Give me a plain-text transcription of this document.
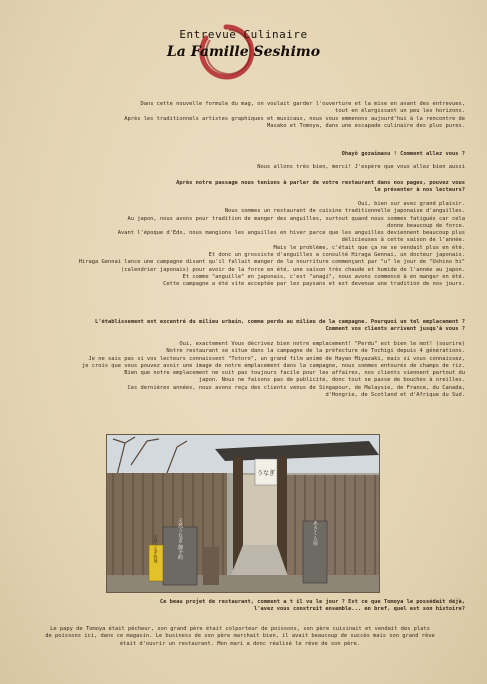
Entrevue Culinaire
La Famille Seshimo

Dans cette nouvelle formule du mag, on voulait garder l'ouverture et la mise en avant des entrevues,
tout en élargissant un peu les horizons.
Après les traditionnels artistes graphiques et musicaux, nous vous emmenons aujourd'hui à la rencontre de
Masako et Tomoya, dans une escapade culinaire des plus pures.

Ohayô gozaimasu ! Comment allez vous ?

Nous allons très bien, merci! J'espère que vous allez bien aussi

Après notre passage nous tenions à parler de votre restaurant dans nos pages, pouvez vous
le présenter à nos lecteurs?

Oui, bien sur avec grand plaisir.
Nous sommes un restaurant de cuisine traditionnelle japonaise d'anguilles.
Au japon, nous avons pour tradition de manger des anguilles, surtout quand nous sommes fatigués car cela
donne beaucoup de force.
Avant l'époque d'Edo, nous mangions les anguilles en hiver parce que les anguilles deviennent beaucoup plus
délicieuses à cette saison de l'année.
Mais le problème, c'était que ça ne se vendait plus en été.
Et donc un grossiste d'anguilles a consulté Hiraga Gennai, un docteur japonais.
Hiraga Gennai lance une campagne disant qu'il fallait manger de la nourriture commençant par "u" le jour de "Ushino hi"
(calendrier japonais) pour avoir de la force en été, une saison très chaude et humide de l'année au japon.
Et comme "anguille" en japonais, c'est "unagi", nous avons commencé à en manger en été.
Cette campagne a été vite acceptée par les paysans et est devenue une tradition de nos jours.

L'établissement est excentré du milieu urbain, comme perdu au milieu de la campagne. Pourquoi un tel emplacement ?
Comment vos clients arrivent jusqu'à vous ?

Oui, exactement Vous décrivez bien notre emplacement! "Perdu" est bien le mot! (sourire)
Notre restaurant se situe dans la campagne de la préfecture de Tochigi depuis 4 générations.
Je ne sais pas si vos lecteurs connaissent "Totoro", un grand film animé de Hayao Miyazaki, mais si vous connaissez,
je crois que vous pouvez avoir une image de notre emplacement dans la campagne, nous sommes entourés de champs de riz.
Bien que notre emplacement ne soit pas toujours facile pour les affaires, nos clients viennent partout du
japon. Nous ne faisons pas de publicité, donc tout se passe de bouches à oreilles.
Ces dernières années, nous avons reçu des clients venus de Singapour, de Malaysie, de France, du Canada,
d'Hongrie, de Scotland et d'Afrique du Sud.

うなぎ
天然うなぎ 御予約
天然うなぎ料理
あさくら屋

Ce beau projet de restaurant, comment a t il vu le jour ? Est ce que Tomoya le possédait déjà,
l'avez vous construit ensemble... en bref, quel est son histoire?

Le papy de Tomoya était pêcheur, son grand père était colporteur de poissons, son père cuisinait et vendait des plats
de poissons ici, dans ce magasin. Le business de son père marchait bien, il avait beaucoup de succès mais son grand rêve
était d'ouvrir un restaurant. Mon mari a donc réalisé le rêve de son père.
